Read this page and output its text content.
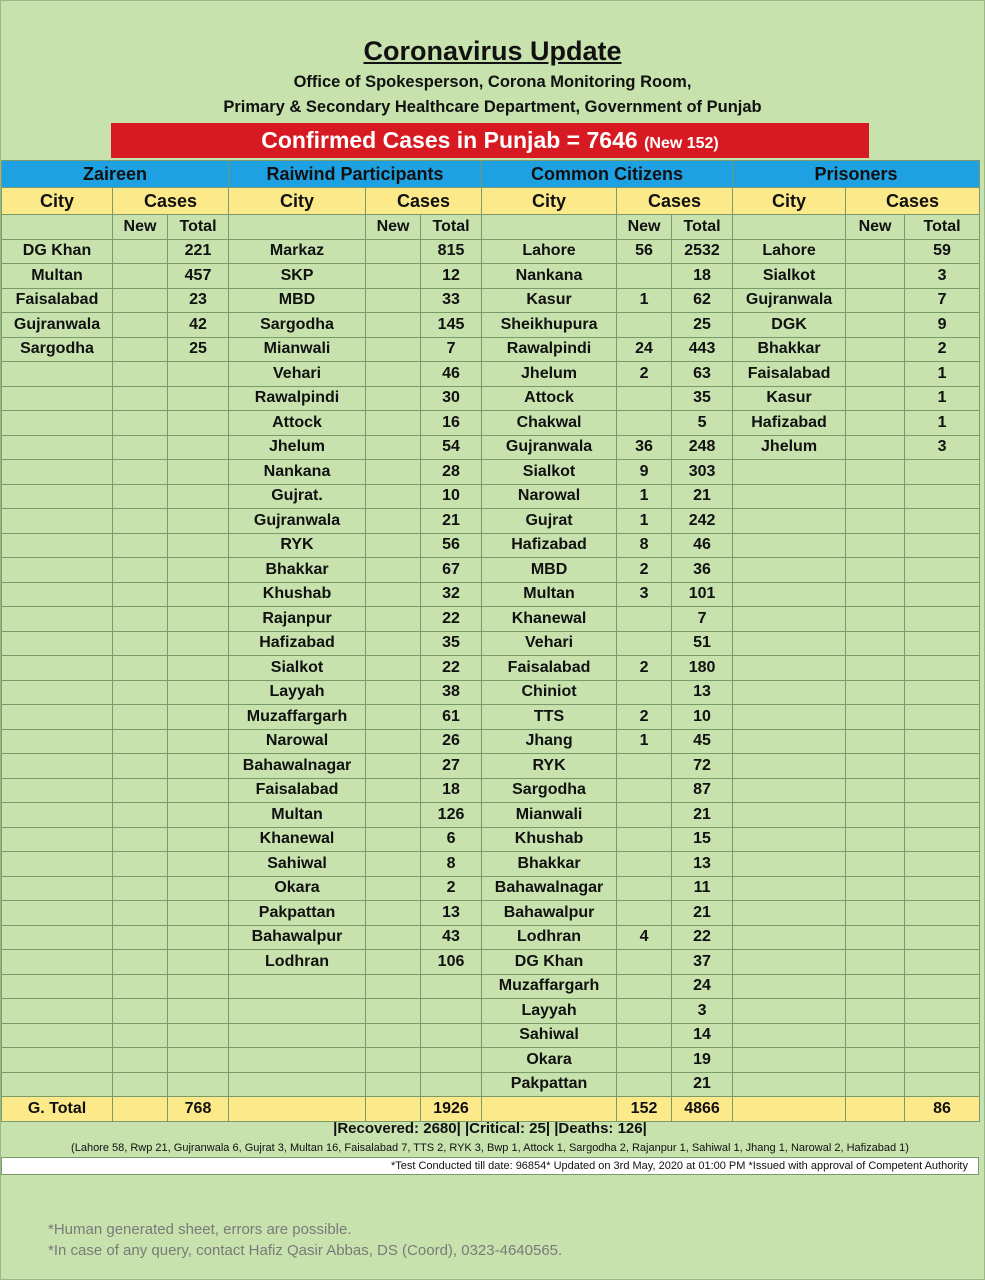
Coronavirus Update
Office of Spokesperson, Corona Monitoring Room,
Primary & Secondary Healthcare Department, Government of Punjab
Confirmed Cases in Punjab = 7646 (New 152)
Zaireen			Raiwind Participants			Common Citizens			Prisoners		
City	Cases		City	Cases		City	Cases		City	Cases	
	New	Total		New	Total		New	Total		New	Total
DG Khan		221	Markaz		815	Lahore	56	2532	Lahore		59
Multan		457	SKP		12	Nankana		18	Sialkot		3
Faisalabad		23	MBD		33	Kasur	1	62	Gujranwala		7
Gujranwala		42	Sargodha		145	Sheikhupura		25	DGK		9
Sargodha		25	Mianwali		7	Rawalpindi	24	443	Bhakkar		2
			Vehari		46	Jhelum	2	63	Faisalabad		1
			Rawalpindi		30	Attock		35	Kasur		1
			Attock		16	Chakwal		5	Hafizabad		1
			Jhelum		54	Gujranwala	36	248	Jhelum		3
			Nankana		28	Sialkot	9	303			
			Gujrat.		10	Narowal	1	21			
			Gujranwala		21	Gujrat	1	242			
			RYK		56	Hafizabad	8	46			
			Bhakkar		67	MBD	2	36			
			Khushab		32	Multan	3	101			
			Rajanpur		22	Khanewal		7			
			Hafizabad		35	Vehari		51			
			Sialkot		22	Faisalabad	2	180			
			Layyah		38	Chiniot		13			
			Muzaffargarh		61	TTS	2	10			
			Narowal		26	Jhang	1	45			
			Bahawalnagar		27	RYK		72			
			Faisalabad		18	Sargodha		87			
			Multan		126	Mianwali		21			
			Khanewal		6	Khushab		15			
			Sahiwal		8	Bhakkar		13			
			Okara		2	Bahawalnagar		11			
			Pakpattan		13	Bahawalpur		21			
			Bahawalpur		43	Lodhran	4	22			
			Lodhran		106	DG Khan		37			
						Muzaffargarh		24			
						Layyah		3			
						Sahiwal		14			
						Okara		19			
						Pakpattan		21			
G. Total		768			1926		152	4866			86
|Recovered: 2680| |Critical: 25| |Deaths: 126|
(Lahore 58, Rwp 21, Gujranwala 6, Gujrat 3, Multan 16, Faisalabad 7, TTS 2, RYK 3, Bwp 1, Attock 1, Sargodha 2, Rajanpur 1, Sahiwal 1, Jhang 1, Narowal 2, Hafizabad 1)
*Test Conducted till date: 96854* Updated on 3rd May, 2020 at 01:00 PM *Issued with approval of Competent Authority
*Human generated sheet, errors are possible.
*In case of any query, contact Hafiz Qasir Abbas, DS (Coord), 0323-4640565.
